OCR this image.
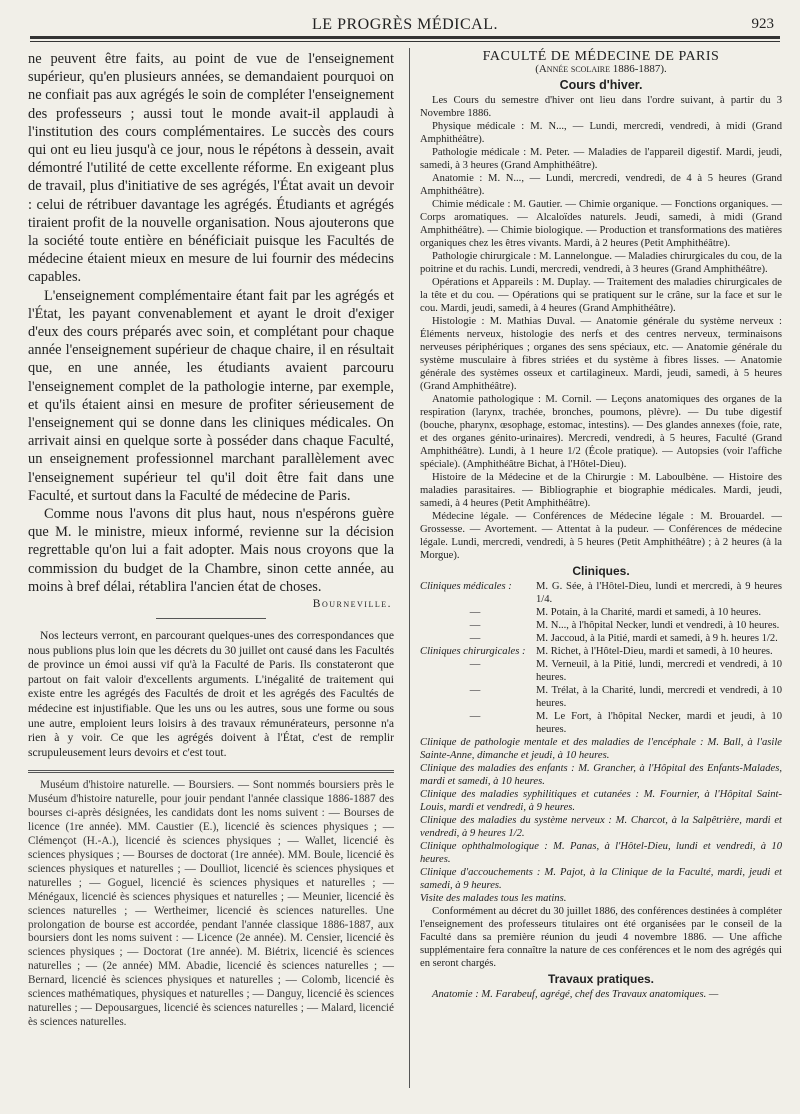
LE PROGRÈS MÉDICAL.	923

ne peuvent être faits, au point de vue de l'enseignement supérieur, qu'en plusieurs années, se demandaient pourquoi on ne confiait pas aux agrégés le soin de compléter l'enseignement des professeurs ; aussi tout le monde avait-il applaudi à l'institution des cours complémentaires. Le succès des cours qui ont eu lieu jusqu'à ce jour, nous le répétons à dessein, avait démontré l'utilité de cette excellente réforme. En exigeant plus de travail, plus d'initiative de ses agrégés, l'État avait un devoir : celui de rétribuer davantage les agrégés. Étudiants et agrégés tiraient profit de la nouvelle organisation. Nous ajouterons que la société toute entière en bénéficiait puisque les Facultés de médecine étaient mieux en mesure de lui fournir des médecins capables.

L'enseignement complémentaire étant fait par les agrégés et l'État, les payant convenablement et ayant le droit d'exiger d'eux des cours préparés avec soin, et complétant pour chaque année l'enseignement supérieur de chaque chaire, il en résultait que, en une année, les étudiants avaient parcouru l'enseignement complet de la pathologie interne, par exemple, et qu'ils étaient ainsi en mesure de profiter sérieusement de l'enseignement qui se donne dans les cliniques médicales. On arrivait ainsi en quelque sorte à posséder dans chaque Faculté, un enseignement professionnel marchant parallèlement avec l'enseignement supérieur tel qu'il doit être fait dans une Faculté, et surtout dans la Faculté de médecine de Paris.

Comme nous l'avons dit plus haut, nous n'espérons guère que M. le ministre, mieux informé, revienne sur la décision regrettable qu'on lui a fait adopter. Mais nous croyons que la commission du budget de la Chambre, sinon cette année, au moins à bref délai, rétablira l'ancien état de choses.

Bourneville.

Nos lecteurs verront, en parcourant quelques-unes des correspondances que nous publions plus loin que les décrets du 30 juillet ont causé dans les Facultés de province un émoi aussi vif qu'à la Faculté de Paris. Ils constateront que partout on fait valoir d'excellents arguments. L'inégalité de traitement qui existe entre les agrégés des Facultés de droit et les agrégés des Facultés de médecine est injustifiable. Que les uns ou les autres, sous une forme ou sous une autre, emploient leurs loisirs à des travaux rémunérateurs, personne n'a rien à y voir. Ce que les agrégés doivent à l'État, c'est de remplir scrupuleusement leurs devoirs et c'est tout.

Muséum d'histoire naturelle. — Boursiers. — Sont nommés boursiers près le Muséum d'histoire naturelle, pour jouir pendant l'année classique 1886-1887 des bourses ci-après désignées, les candidats dont les noms suivent : — Bourses de licence (1re année). MM. Caustier (E.), licencié ès sciences physiques ; — Clémençot (H.-A.), licencié ès sciences physiques ; — Wallet, licencié ès sciences physiques ; — Bourses de doctorat (1re année). MM. Boule, licencié ès sciences physiques et naturelles ; — Doulliot, licencié ès sciences physiques et naturelles ; — Goguel, licencié ès sciences physiques et naturelles ; — Ménégaux, licencié ès sciences physiques et naturelles ; — Meunier, licencié ès sciences naturelles ; — Wertheimer, licencié ès sciences naturelles. Une prolongation de bourse est accordée, pendant l'année classique 1886-1887, aux boursiers dont les noms suivent : — Licence (2e année). M. Censier, licencié ès sciences physiques ; — Doctorat (1re année). M. Biétrix, licencié ès sciences naturelles ; — (2e année) MM. Abadie, licencié ès sciences naturelles ; — Bernard, licencié ès sciences physiques et naturelles ; — Colomb, licencié ès sciences mathématiques, physiques et naturelles ; — Danguy, licencié ès sciences naturelles ; — Depousargues, licencié ès sciences naturelles ; — Malard, licencié ès sciences naturelles.

FACULTÉ DE MÉDECINE DE PARIS

(Année scolaire 1886-1887).

Cours d'hiver.

Les Cours du semestre d'hiver ont lieu dans l'ordre suivant, à partir du 3 Novembre 1886.

Physique médicale : M. N..., — Lundi, mercredi, vendredi, à midi (Grand Amphithéâtre).

Pathologie médicale : M. Peter. — Maladies de l'appareil digestif. Mardi, jeudi, samedi, à 3 heures (Grand Amphithéâtre).

Anatomie : M. N..., — Lundi, mercredi, vendredi, de 4 à 5 heures (Grand Amphithéâtre).

Chimie médicale : M. Gautier. — Chimie organique. — Fonctions organiques. — Corps aromatiques. — Alcaloïdes naturels. Jeudi, samedi, à midi (Grand Amphithéâtre). — Chimie biologique. — Production et transformations des matières organiques chez les êtres vivants. Mardi, à 2 heures (Petit Amphithéâtre).

Pathologie chirurgicale : M. Lannelongue. — Maladies chirurgicales du cou, de la poitrine et du rachis. Lundi, mercredi, vendredi, à 3 heures (Grand Amphithéâtre).

Opérations et Appareils : M. Duplay. — Traitement des maladies chirurgicales de la tête et du cou. — Opérations qui se pratiquent sur le crâne, sur la face et sur le cou. Mardi, jeudi, samedi, à 4 heures (Grand Amphithéâtre).

Histologie : M. Mathias Duval. — Anatomie générale du système nerveux : Éléments nerveux, histologie des nerfs et des centres nerveux, terminaisons nerveuses périphériques ; organes des sens spéciaux, etc. — Anatomie générale du système musculaire à fibres striées et du système à fibres lisses. — Anatomie générale des systèmes osseux et cartilagineux. Mardi, jeudi, samedi, à 5 heures (Grand Amphithéâtre).

Anatomie pathologique : M. Cornil. — Leçons anatomiques des organes de la respiration (larynx, trachée, bronches, poumons, plèvre). — Du tube digestif (bouche, pharynx, œsophage, estomac, intestins). — Des glandes annexes (foie, rate, et des organes génito-urinaires). Mercredi, vendredi, à 5 heures, Faculté (Grand Amphithéâtre). Lundi, à 1 heure 1/2 (École pratique). — Autopsies (voir l'affiche spéciale). (Amphithéâtre Bichat, à l'Hôtel-Dieu).

Histoire de la Médecine et de la Chirurgie : M. Laboulbène. — Histoire des maladies parasitaires. — Bibliographie et biographie médicales. Mardi, jeudi, samedi, à 4 heures (Petit Amphithéâtre).

Médecine légale. — Conférences de Médecine légale : M. Brouardel. — Grossesse. — Avortement. — Attentat à la pudeur. — Conférences de médecine légale. Lundi, mercredi, vendredi, à 5 heures (Petit Amphithéâtre) ; à 2 heures (à la Morgue).

Cliniques.
Cliniques médicales :	M. G. Sée, à l'Hôtel-Dieu, lundi et mercredi, à 9 heures 1/4.
—	M. Potain, à la Charité, mardi et samedi, à 10 heures.
—	M. N..., à l'hôpital Necker, lundi et vendredi, à 10 heures.
—	M. Jaccoud, à la Pitié, mardi et samedi, à 9 h. heures 1/2.
Cliniques chirurgicales : M. Richet, à l'Hôtel-Dieu, mardi et samedi, à 10 heures.
—	M. Verneuil, à la Pitié, lundi, mercredi et vendredi, à 10 heures.
—	M. Trélat, à la Charité, lundi, mercredi et vendredi, à 10 heures.
—	M. Le Fort, à l'hôpital Necker, mardi et jeudi, à 10 heures.

Clinique de pathologie mentale et des maladies de l'encéphale : M. Ball, à l'asile Sainte-Anne, dimanche et jeudi, à 10 heures.

Clinique des maladies des enfants : M. Grancher, à l'Hôpital des Enfants-Malades, mardi et samedi, à 10 heures.

Clinique des maladies syphilitiques et cutanées : M. Fournier, à l'Hôpital Saint-Louis, mardi et vendredi, à 9 heures.

Clinique des maladies du système nerveux : M. Charcot, à la Salpêtrière, mardi et vendredi, à 9 heures 1/2.

Clinique ophthalmologique : M. Panas, à l'Hôtel-Dieu, lundi et vendredi, à 10 heures.

Clinique d'accouchements : M. Pajot, à la Clinique de la Faculté, mardi, jeudi et samedi, à 9 heures.

Visite des malades tous les matins.

Conformément au décret du 30 juillet 1886, des conférences destinées à compléter l'enseignement des professeurs titulaires ont été organisées par le conseil de la Faculté dans sa première réunion du jeudi 4 novembre 1886. — Une affiche supplémentaire fera connaître la nature de ces conférences et le nom des agrégés qui en seront chargés.

Travaux pratiques.

Anatomie : M. Farabeuf, agrégé, chef des Travaux anatomiques. —
